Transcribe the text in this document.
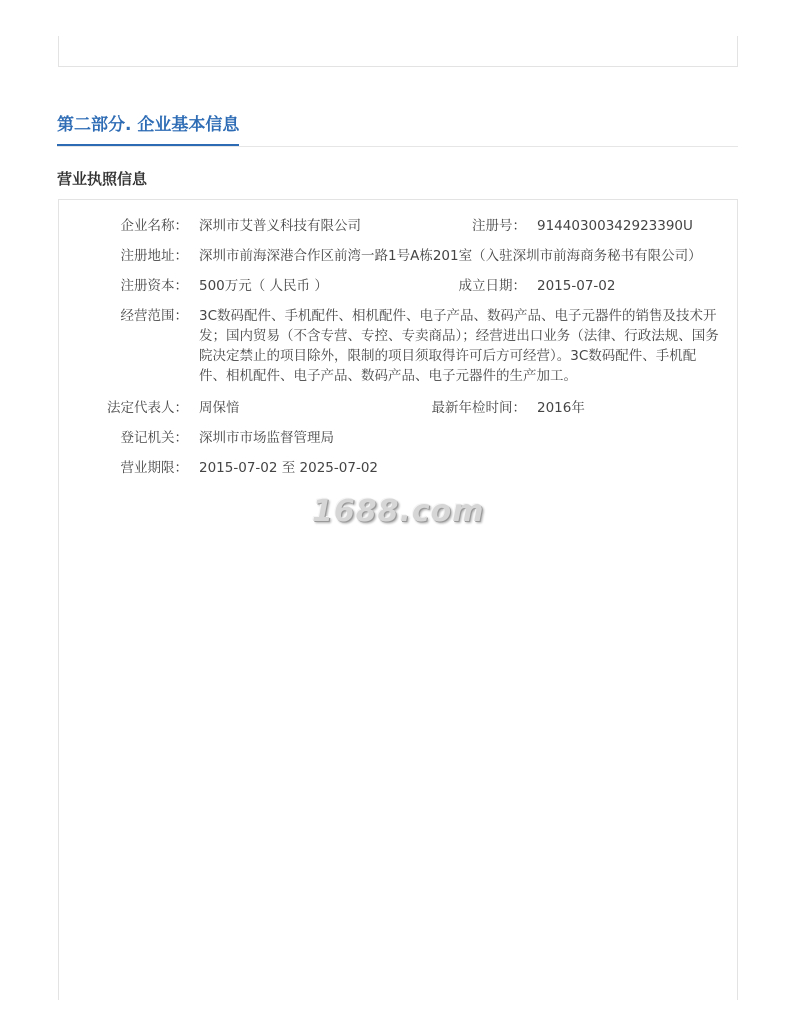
第二部分. 企业基本信息
营业执照信息
企业名称： 深圳市艾普义科技有限公司	注册号： 91440300342923390U
注册地址： 深圳市前海深港合作区前湾一路1号A栋201室（入驻深圳市前海商务秘书有限公司）
注册资本： 500万元（ 人民币 ）	成立日期： 2015-07-02
经营范围： 3C数码配件、手机配件、相机配件、电子产品、数码产品、电子元器件的销售及技术开
发；国内贸易（不含专营、专控、专卖商品）；经营进出口业务（法律、行政法规、国务
院决定禁止的项目除外，限制的项目须取得许可后方可经营）。3C数码配件、手机配
件、相机配件、电子产品、数码产品、电子元器件的生产加工。
法定代表人： 周保愔	最新年检时间： 2016年
登记机关： 深圳市市场监督管理局
营业期限： 2015-07-02 至 2025-07-02
1688.com
